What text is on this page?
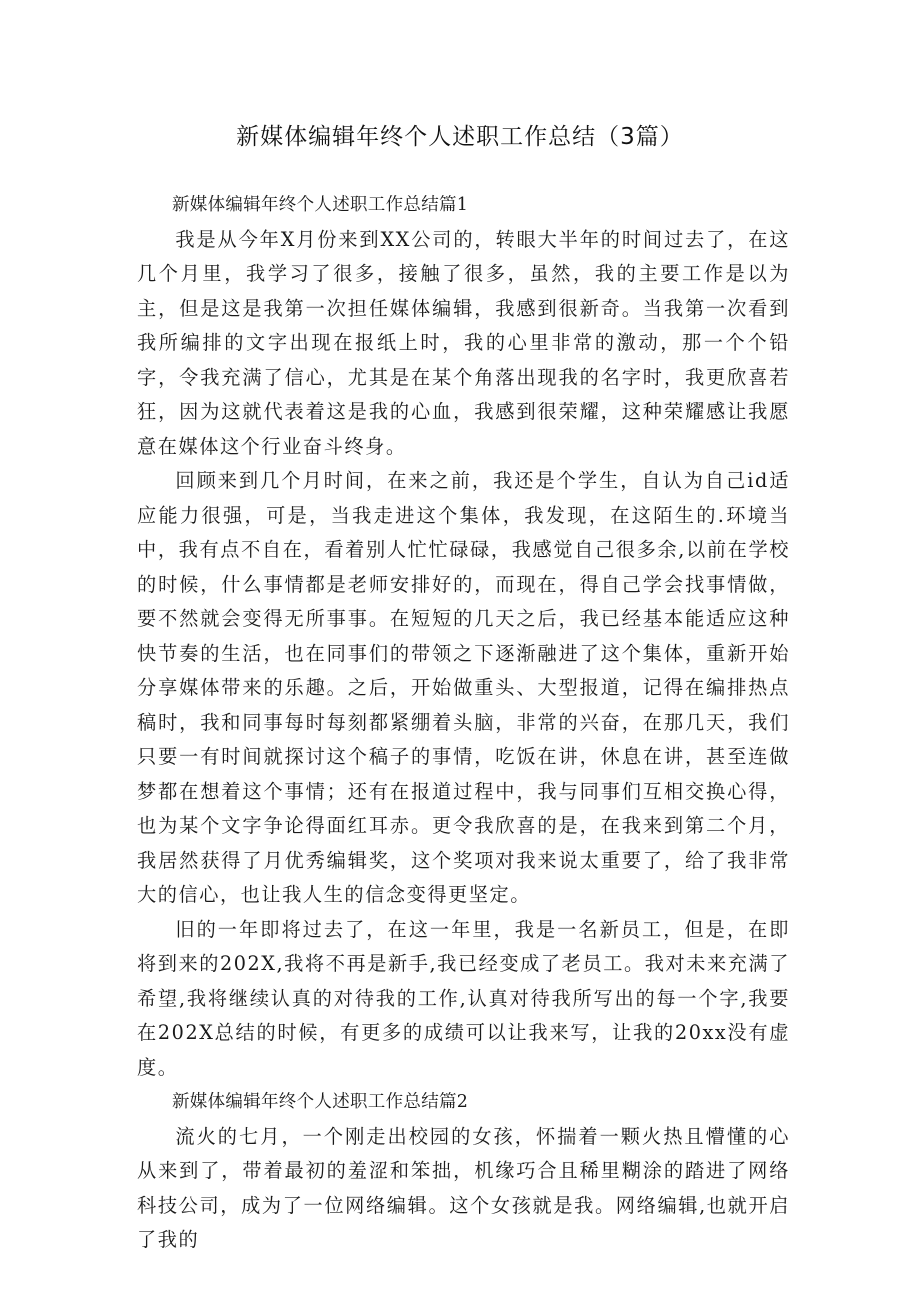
新媒体编辑年终个人述职工作总结（3篇）

新媒体编辑年终个人述职工作总结篇1

我是从今年X月份来到XX公司的，转眼大半年的时间过去了，在这几个月里，我学习了很多，接触了很多，虽然，我的主要工作是以为主，但是这是我第一次担任媒体编辑，我感到很新奇。当我第一次看到我所编排的文字出现在报纸上时，我的心里非常的激动，那一个个铅字，令我充满了信心，尤其是在某个角落出现我的名字时，我更欣喜若狂，因为这就代表着这是我的心血，我感到很荣耀，这种荣耀感让我愿意在媒体这个行业奋斗终身。

回顾来到几个月时间，在来之前，我还是个学生，自认为自己id适应能力很强，可是，当我走进这个集体，我发现，在这陌生的.环境当中，我有点不自在，看着别人忙忙碌碌，我感觉自己很多余,以前在学校的时候，什么事情都是老师安排好的，而现在，得自己学会找事情做，要不然就会变得无所事事。在短短的几天之后，我已经基本能适应这种快节奏的生活，也在同事们的带领之下逐渐融进了这个集体，重新开始分享媒体带来的乐趣。之后，开始做重头、大型报道，记得在编排热点稿时，我和同事每时每刻都紧绷着头脑，非常的兴奋，在那几天，我们只要一有时间就探讨这个稿子的事情，吃饭在讲，休息在讲，甚至连做梦都在想着这个事情；还有在报道过程中，我与同事们互相交换心得，也为某个文字争论得面红耳赤。更令我欣喜的是，在我来到第二个月，我居然获得了月优秀编辑奖，这个奖项对我来说太重要了，给了我非常大的信心，也让我人生的信念变得更坚定。

旧的一年即将过去了，在这一年里，我是一名新员工，但是，在即将到来的202X,我将不再是新手,我已经变成了老员工。我对未来充满了希望,我将继续认真的对待我的工作,认真对待我所写出的每一个字,我要在202X总结的时候，有更多的成绩可以让我来写，让我的20xx没有虚度。

新媒体编辑年终个人述职工作总结篇2

流火的七月，一个刚走出校园的女孩，怀揣着一颗火热且懵懂的心从来到了，带着最初的羞涩和笨拙，机缘巧合且稀里糊涂的踏进了网络科技公司，成为了一位网络编辑。这个女孩就是我。网络编辑,也就开启了我的
